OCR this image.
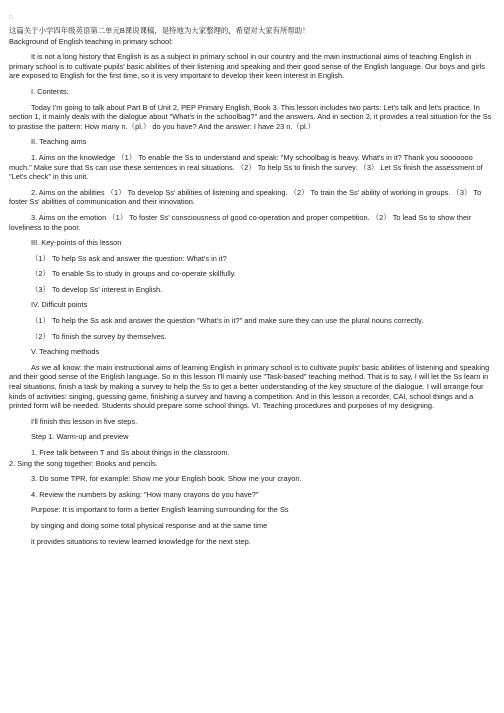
□

这篇关于小学四年级英语第二单元B课说课稿，是特地为大家整理的，希望对大家有所帮助！

Background of English teaching in primary school:

It is not a long history that English is as a subject in primary school in our country and the main instructional aims of teaching English in primary school is to cultivate pupils' basic abilities of their listening and speaking and their good sense of the English language. Our boys and girls are exposed to English for the first time, so it is very important to develop their keen interest in English.

I. Contents:

Today I'm going to talk about Part B of Unit 2, PEP Primary English, Book 3. This lesson includes two parts: Let's talk and let's practice. In section 1, it mainly deals with the dialogue about "What's in the schoolbag?" and the answers. And in section 2, it provides a real situation for the Ss to prastise the pattern: How many n.（pl.） do you have? And the answer: I have 23 n.（pl.）

II. Teaching aims

1. Aims on the knowledge （1） To enable the Ss to understand and speak: "My schoolbag is heavy. What's in it? Thank you sooooooo much." Make sure that Ss can use these sentences in real situations. （2） To help Ss to finish the survey. （3） Let Ss finish the assessment of "Let's check" in this unit.

2. Aims on the abilities （1） To develop Ss' abilities of listening and speaking. （2） To train the Ss' ability of working in groups. （3） To foster Ss' abilities of communication and their innovation.

3. Aims on the emotion （1） To foster Ss' consciousness of good co-operation and proper competition. （2） To lead Ss to show their loveliness to the poor.

III. Key-points of this lesson

（1） To help Ss ask and answer the question: What's in it?

（2） To enable Ss to study in groups and co-operate skillfully.

（3） To develop Ss' interest in English.

IV. Difficult points

（1） To help the Ss ask and answer the question "What's in it?" and make sure they can use the plural nouns correctly.

（2） To finish the survey by themselves.

V. Teaching methods

As we all know: the main instructional aims of learning English in primary school is to cultivate pupils' basic abilities of listening and speaking and their good sense of the English language. So in this lesson I'll mainly use "Task-based" teaching method. That is to say, I will let the Ss learn in real situations, finish a task by making a survey to help the Ss to get a better understanding of the key structure of the dialogue. I will arrange four kinds of activities: singing, guessing game, finishing a survey and having a competition. And in this lesson a recorder, CAI, school things and a printed form will be needed. Students should prepare some school things. VI. Teaching procedures and purposes of my designing.

I'll finish this lesson in five steps.

Step 1. Warm-up and preview

1. Free talk between T and Ss about things in the classroom.

2. Sing the song together: Books and pencils.

3. Do some TPR, for example: Show me your English book. Show me your crayon.

4. Review the numbers by asking: "How many crayons do you have?"

Purpose: It is important to form a better English learning surrounding for the Ss

by singing and doing some total physical response and at the same time

it provides situations to review learned knowledge for the next step.
